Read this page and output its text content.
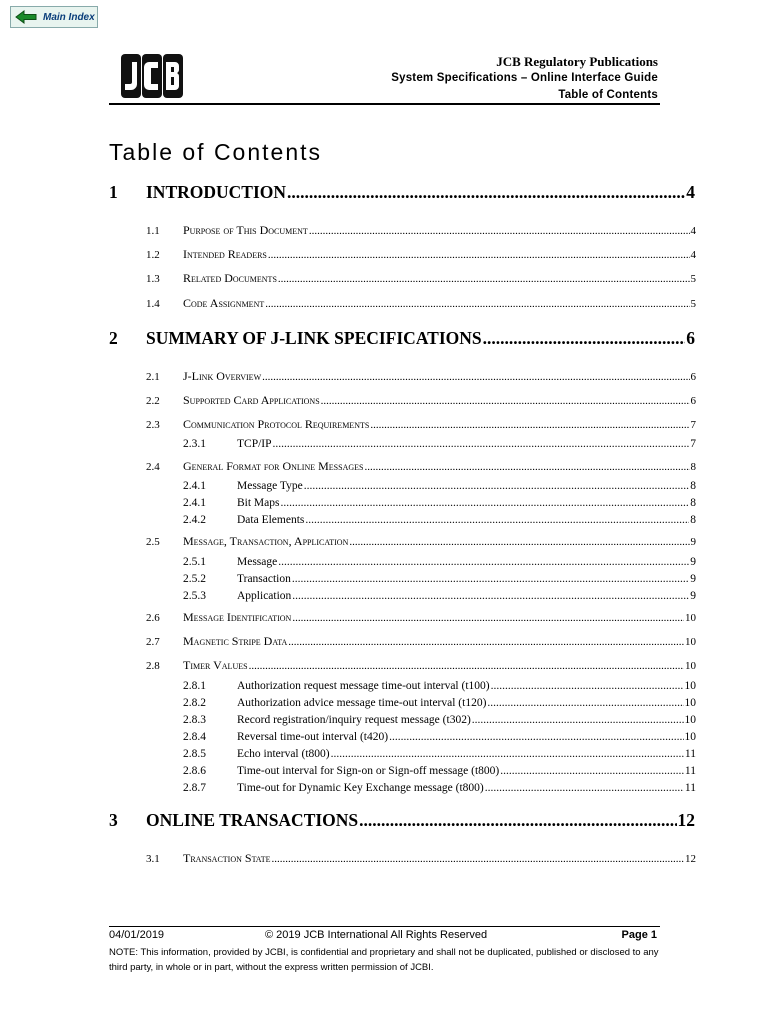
Main Index
JCB Regulatory Publications
System Specifications – Online Interface Guide
Table of Contents
Table of Contents
1	INTRODUCTION .....	4
1.1	Purpose of This Document .....	4
1.2	Intended Readers .....	4
1.3	Related Documents .....	5
1.4	Code Assignment .....	5
2	SUMMARY OF J-LINK SPECIFICATIONS .....	6
2.1	J-Link Overview .....	6
2.2	Supported Card Applications .....	6
2.3	Communication Protocol Requirements .....	7
2.3.1	TCP/IP .....	7
2.4	General Format for Online Messages .....	8
2.4.1	Message Type .....	8
2.4.1	Bit Maps .....	8
2.4.2	Data Elements .....	8
2.5	Message, Transaction, Application .....	9
2.5.1	Message .....	9
2.5.2	Transaction .....	9
2.5.3	Application .....	9
2.6	Message Identification .....	10
2.7	Magnetic Stripe Data .....	10
2.8	Timer Values .....	10
2.8.1	Authorization request message time-out interval (t100) .....	10
2.8.2	Authorization advice message time-out interval (t120) .....	10
2.8.3	Record registration/inquiry request message (t302) .....	10
2.8.4	Reversal time-out interval (t420) .....	10
2.8.5	Echo interval (t800) .....	11
2.8.6	Time-out interval for Sign-on or Sign-off message (t800) .....	11
2.8.7	Time-out for Dynamic Key Exchange message (t800) .....	11
3	ONLINE TRANSACTIONS .....	12
3.1	Transaction State .....	12
04/01/2019	© 2019 JCB International All Rights Reserved	Page 1
NOTE: This information, provided by JCBI, is confidential and proprietary and shall not be duplicated, published or disclosed to any third party, in whole or in part, without the express written permission of JCBI.
